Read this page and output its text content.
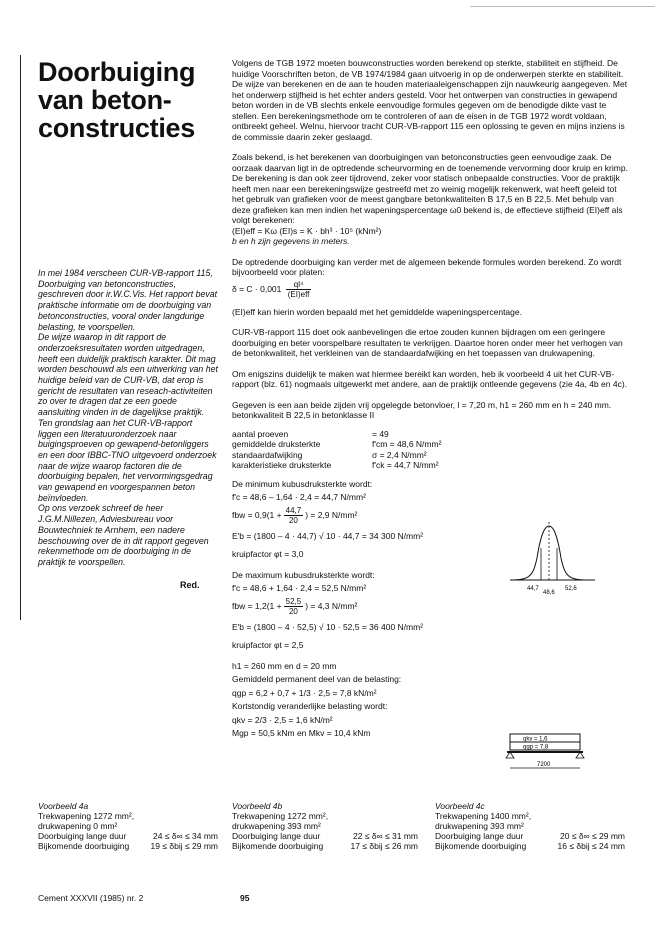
Doorbuiging
van beton-
constructies

In mei 1984 verscheen CUR-VB-rapport 115, Doorbuiging van betonconstructies, geschreven door ir.W.C.Vis. Het rapport bevat praktische informatie om de doorbuiging van betonconstructies, vooral onder langdurige belasting, te voorspellen.

De wijze waarop in dit rapport de onderzoeksresultaten worden uitgedragen, heeft een duidelijk praktisch karakter. Dit mag worden beschouwd als een uitwerking van het huidige beleid van de CUR-VB, dat erop is gericht de resultaten van reseach-activiteiten zo over te dragen dat ze een goede aansluiting vinden in de dagelijkse praktijk.

Ten grondslag aan het CUR-VB-rapport liggen een literatuuronderzoek naar buigingsproeven op gewapend-betonliggers en een door IBBC-TNO uitgevoerd onderzoek naar de wijze waarop factoren die de doorbuiging bepalen, het vervormingsgedrag van gewapend en voorgespannen beton beïnvloeden.

Op ons verzoek schreef de heer J.G.M.Nillezen, Adviesbureau voor Bouwtechniek te Arnhem, een nadere beschouwing over de in dit rapport gegeven rekenmethode om de doorbuiging in de praktijk te voorspellen.

Red.

Volgens de TGB 1972 moeten bouwconstructies worden berekend op sterkte, stabiliteit en stijfheid. De huidige Voorschriften beton, de VB 1974/1984 gaan uitvoerig in op de onderwerpen sterkte en stabiliteit. De wijze van berekenen en de aan te houden materiaaleigenschappen zijn nauwkeurig aangegeven. Met het onderwerp stijfheid is het echter anders gesteld. Voor het ontwerpen van constructies in gewapend beton worden in de VB slechts enkele eenvoudige formules gegeven om de benodigde dikte vast te stellen. Een berekeningsmethode om te controleren of aan de eisen in de TGB 1972 wordt voldaan, ontbreekt geheel. Welnu, hiervoor tracht CUR-VB-rapport 115 een oplossing te geven en mijns inziens is de commissie daarin zeker geslaagd.

Zoals bekend, is het berekenen van doorbuigingen van betonconstructies geen eenvoudige zaak. De oorzaak daarvan ligt in de optredende scheurvorming en de toenemende vervorming door kruip en krimp. De berekening is dan ook zeer tijdrovend, zeker voor statisch onbepaalde constructies. Voor de praktijk heeft men naar een berekeningswijze gestreefd met zo weinig mogelijk rekenwerk, wat heeft geleid tot het gebruik van grafieken voor de meest gangbare betonkwaliteiten B 17,5 en B 22,5. Met behulp van deze grafieken kan men indien het wapeningspercentage ω0 bekend is, de effectieve stijfheid (EI)eff als volgt berekenen:

(EI)eff = Kω (EI)s = K · bh³ · 10⁵ (kNm²)

b en h zijn gegevens in meters.

De optredende doorbuiging kan verder met de algemeen bekende formules worden berekend. Zo wordt bijvoorbeeld voor platen:

$\delta = C \cdot 0,001 \frac{\text{ql⁴}}{\text{(EI)eff}}$

(EI)eff kan hierin worden bepaald met het gemiddelde wapeningspercentage.

CUR-VB-rapport 115 doet ook aanbevelingen die ertoe zouden kunnen bijdragen om een geringere doorbuiging en beter voorspelbare resultaten te verkrijgen. Daartoe horen onder meer het verhogen van de betonkwaliteit, het verkleinen van de standaardafwijking en het toepassen van drukwapening.

Om enigszins duidelijk te maken wat hiermee bereikt kan worden, heb ik voorbeeld 4 uit het CUR-VB-rapport (blz. 61) nogmaals uitgewerkt met andere, aan de praktijk ontleende gegevens (zie 4a, 4b en 4c).

Gegeven is een aan beide zijden vrij opgelegde betonvloer, l = 7,20 m, h1 = 260 mm en h = 240 mm.

betonkwaliteit B 22,5 in betonklasse II
aantal proeven	= 49
gemiddelde druksterkte	f'cm = 48,6 N/mm²
standaardafwijking	σ = 2,4 N/mm²
karakteristieke druksterkte	f'ck = 44,7 N/mm²
De minimum kubusdruksterkte wordt:
f'c = 48,6 – 1,64 · 2,4 = 44,7 N/mm²
fbw = $0,9(1 + \frac{44,7}{20}$ ) = 2,9 N/mm²
E'b = (1800 – 4 · 44,7) √ 10 · 44,7 = 34 300 N/mm²
kruipfactor φt = 3,0
De maximum kubusdruksterkte wordt:
f'c = 48,6 + 1,64 · 2,4 = 52,5 N/mm²
fbw = $1,2(1 + \frac{52,5}{20}$ ) = 4,3 N/mm²
E'b = (1800 – 4 · 52,5) √ 10 · 52,5 = 36 400 N/mm²
kruipfactor φt = 2,5
h1 = 260 mm en d = 20 mm
Gemiddeld permanent deel van de belasting:
qgp = 6,2 + 0,7 + 1/3 · 2,5 = 7,8 kN/m²
Kortstondig veranderlijke belasting wordt:
qkv = 2/3 · 2,5 = 1,6 kN/m²
Mgp = 50,5 kNm en Mkv = 10,4 kNm
44,7
48,6
52,6
qkv = 1,6
qgp = 7,8
7200
Voorbeeld 4a
Trekwapening 1272 mm²,
drukwapening 0 mm²
Doorbuiging lange duur	24 ≤ δ∞ ≤ 34 mm
Bijkomende doorbuiging	19 ≤ δbij ≤ 29 mm
Voorbeeld 4b
Trekwapening 1272 mm²,
drukwapening 393 mm²
Doorbuiging lange duur	22 ≤ δ∞ ≤ 31 mm
Bijkomende doorbuiging	17 ≤ δbij ≤ 26 mm
Voorbeeld 4c
Trekwapening 1400 mm²,
drukwapening 393 mm²
Doorbuiging lange duur	20 ≤ δ∞ ≤ 29 mm
Bijkomende doorbuiging	16 ≤ δbij ≤ 24 mm
Cement XXXVII (1985) nr. 2	95
